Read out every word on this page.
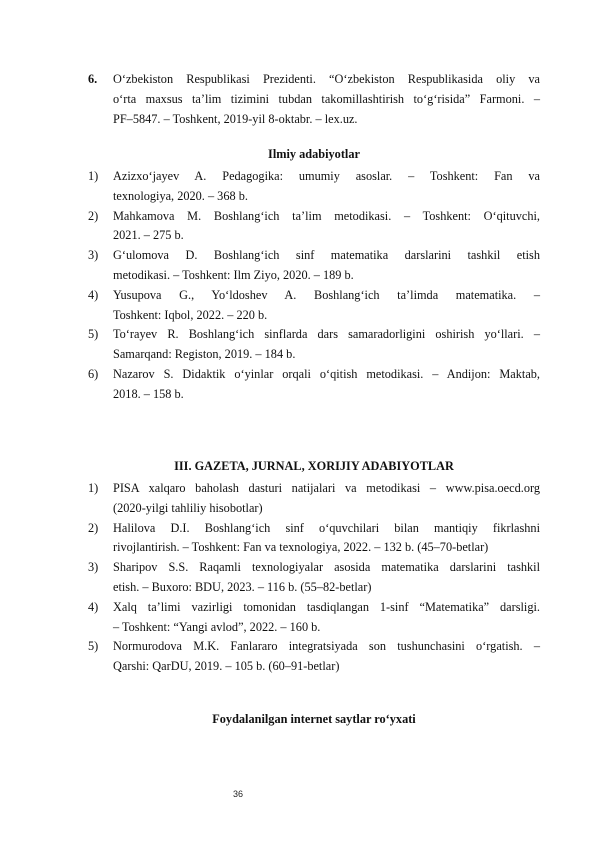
6.	O‘zbekiston Respublikasi Prezidenti. “O‘zbekiston Respublikasida oliy va
o‘rta maxsus ta’lim tizimini tubdan takomillashtirish to‘g‘risida” Farmoni. –
PF–5847. – Toshkent, 2019-yil 8-oktabr. – lex.uz.
Ilmiy adabiyotlar
1)	Azizxo‘jayev A. Pedagogika: umumiy asoslar. – Toshkent: Fan va
texnologiya, 2020. – 368 b.
2)	Mahkamova M. Boshlang‘ich ta’lim metodikasi. – Toshkent: O‘qituvchi,
2021. – 275 b.
3)	G‘ulomova D. Boshlang‘ich sinf matematika darslarini tashkil etish
metodikasi. – Toshkent: Ilm Ziyo, 2020. – 189 b.
4)	Yusupova G., Yo‘ldoshev A. Boshlang‘ich ta’limda matematika. –
Toshkent: Iqbol, 2022. – 220 b.
5)	To‘rayev R. Boshlang‘ich sinflarda dars samaradorligini oshirish yo‘llari. –
Samarqand: Registon, 2019. – 184 b.
6)	Nazarov S. Didaktik o‘yinlar orqali o‘qitish metodikasi. – Andijon: Maktab,
2018. – 158 b.
III. GAZETA, JURNAL, XORIJIY ADABIYOTLAR
1)	PISA xalqaro baholash dasturi natijalari va metodikasi – www.pisa.oecd.org
(2020-yilgi tahliliy hisobotlar)
2)	Halilova D.I. Boshlang‘ich sinf o‘quvchilari bilan mantiqiy fikrlashni
rivojlantirish. – Toshkent: Fan va texnologiya, 2022. – 132 b. (45–70-betlar)
3)	Sharipov S.S. Raqamli texnologiyalar asosida matematika darslarini tashkil
etish. – Buxoro: BDU, 2023. – 116 b. (55–82-betlar)
4)	Xalq ta’limi vazirligi tomonidan tasdiqlangan 1-sinf “Matematika” darsligi.
– Toshkent: “Yangi avlod”, 2022. – 160 b.
5)	Normurodova M.K. Fanlararo integratsiyada son tushunchasini o‘rgatish. –
Qarshi: QarDU, 2019. – 105 b. (60–91-betlar)
Foydalanilgan internet saytlar ro‘yxati
36
